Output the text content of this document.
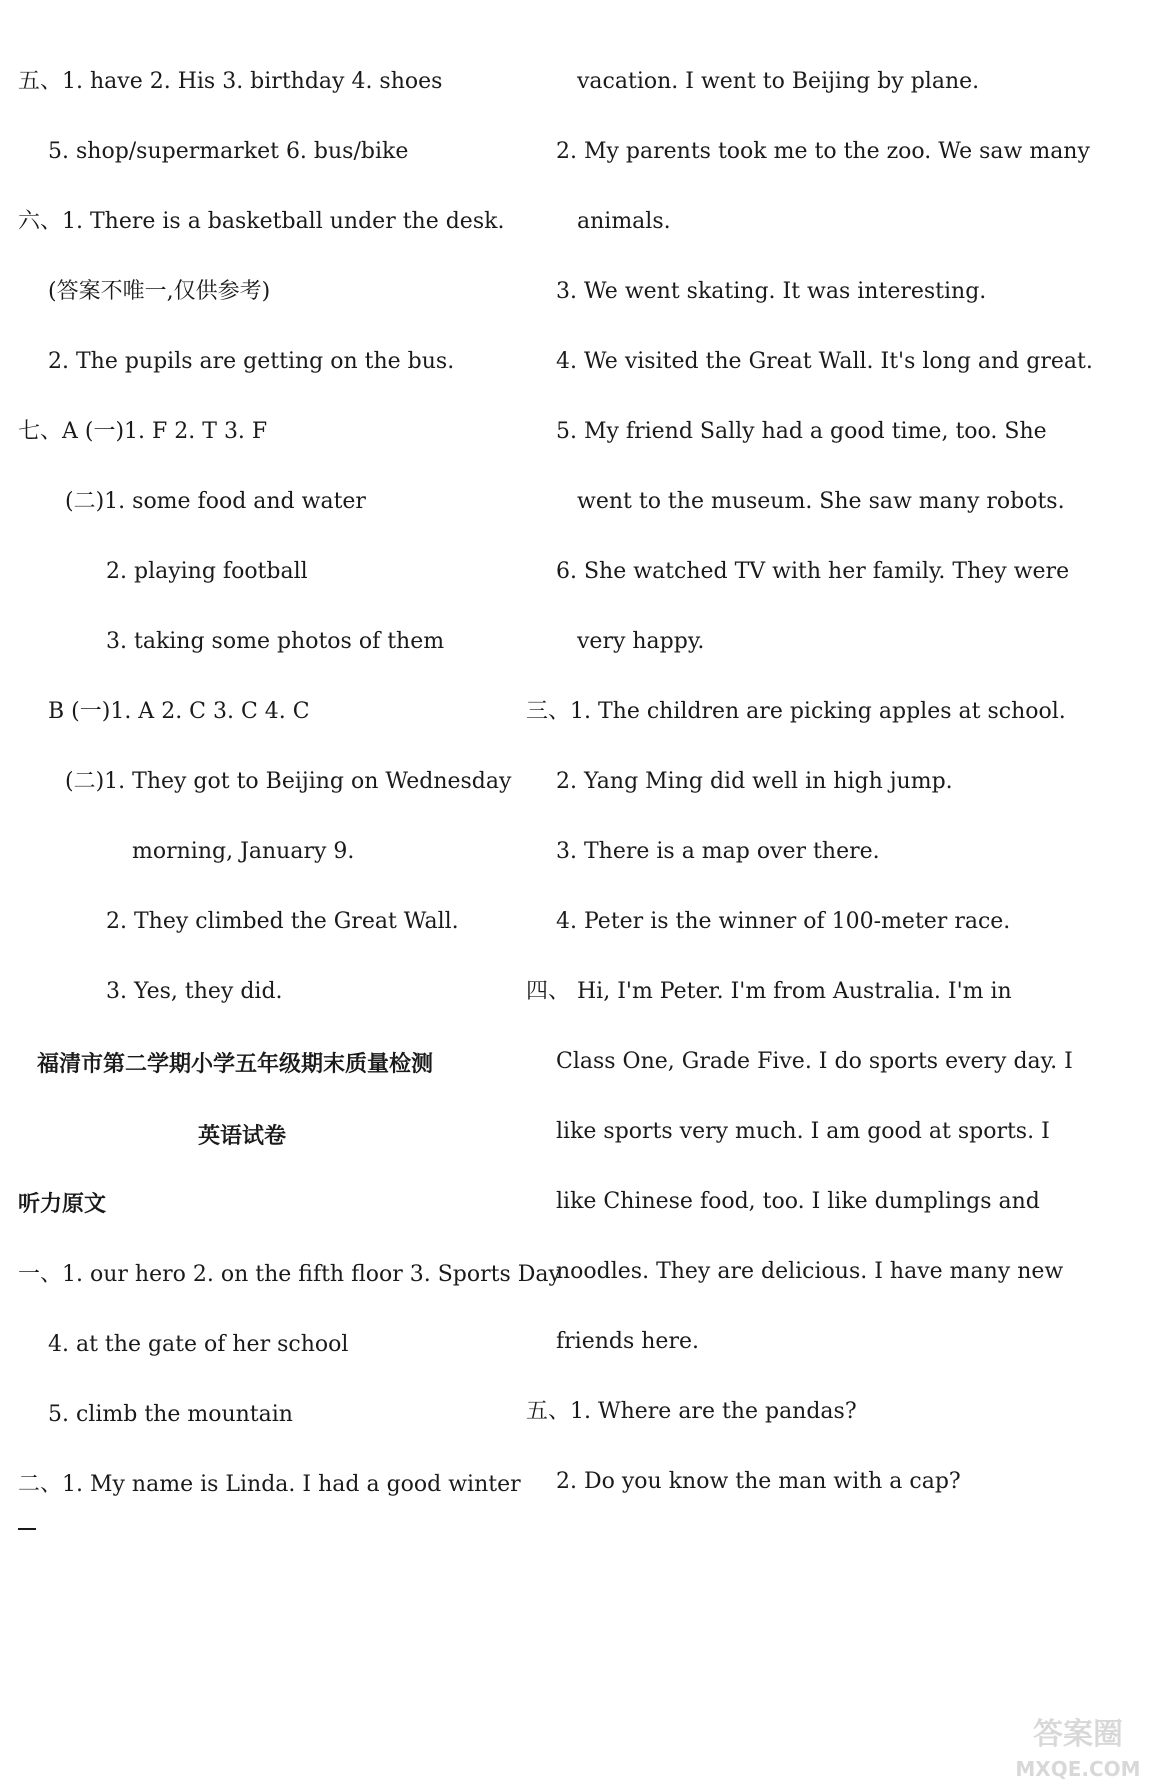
五、1. have 2. His 3. birthday 4. shoes
5. shop/supermarket 6. bus/bike
六、1. There is a basketball under the desk.
(答案不唯一,仅供参考)
2. The pupils are getting on the bus.
七、A (一)1. F 2. T 3. F
(二)1. some food and water
2. playing football
3. taking some photos of them
B (一)1. A 2. C 3. C 4. C
(二)1. They got to Beijing on Wednesday
morning, January 9.
2. They climbed the Great Wall.
3. Yes, they did.
福清市第二学期小学五年级期末质量检测
英语试卷
听力原文
一、1. our hero 2. on the fifth floor 3. Sports Day
4. at the gate of her school
5. climb the mountain
二、1. My name is Linda. I had a good winter
vacation. I went to Beijing by plane.
2. My parents took me to the zoo. We saw many
animals.
3. We went skating. It was interesting.
4. We visited the Great Wall. It's long and great.
5. My friend Sally had a good time, too. She
went to the museum. She saw many robots.
6. She watched TV with her family. They were
very happy.
三、1. The children are picking apples at school.
2. Yang Ming did well in high jump.
3. There is a map over there.
4. Peter is the winner of 100-meter race.
四、 Hi, I'm Peter. I'm from Australia. I'm in
Class One, Grade Five. I do sports every day. I
like sports very much. I am good at sports. I
like Chinese food, too. I like dumplings and
noodles. They are delicious. I have many new
friends here.
五、1. Where are the pandas?
2. Do you know the man with a cap?
答案圈
MXQE.COM
